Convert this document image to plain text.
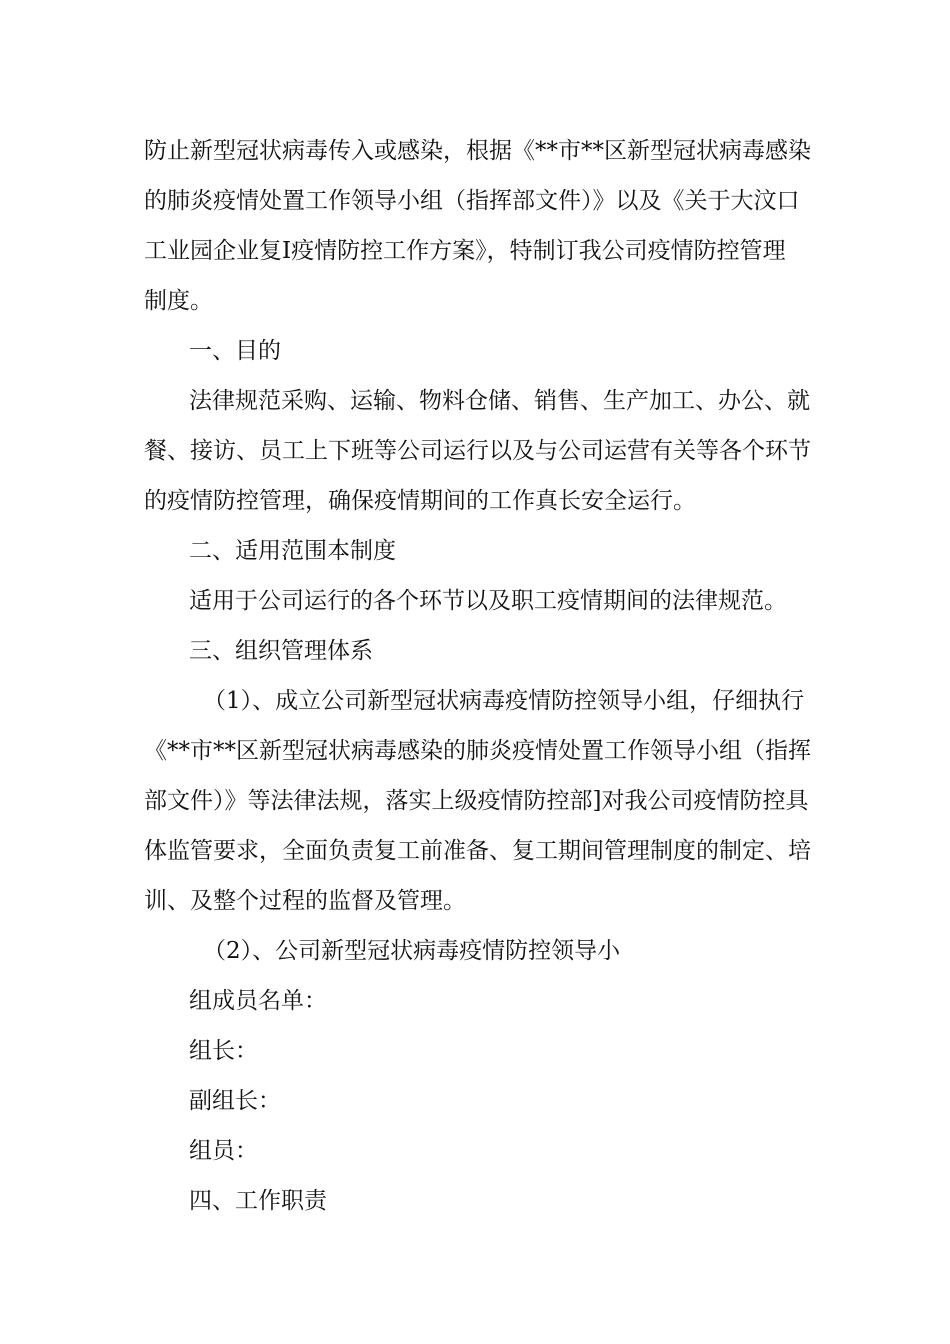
防止新型冠状病毒传入或感染，根据《**市**区新型冠状病毒感染
的肺炎疫情处置工作领导小组（指挥部文件）》以及《关于大汶口
工业园企业复I疫情防控工作方案》，特制订我公司疫情防控管理
制度。
一、目的
法律规范采购、运输、物料仓储、销售、生产加工、办公、就
餐、接访、员工上下班等公司运行以及与公司运营有关等各个环节
的疫情防控管理，确保疫情期间的工作真长安全运行。
二、适用范围本制度
适用于公司运行的各个环节以及职工疫情期间的法律规范。
三、组织管理体系
（1）、成立公司新型冠状病毒疫情防控领导小组，仔细执行
《**市**区新型冠状病毒感染的肺炎疫情处置工作领导小组（指挥
部文件）》等法律法规，落实上级疫情防控部]对我公司疫情防控具
体监管要求，全面负责复工前准备、复工期间管理制度的制定、培
训、及整个过程的监督及管理。
（2）、公司新型冠状病毒疫情防控领导小
组成员名单：
组长：
副组长：
组员：
四、工作职责
